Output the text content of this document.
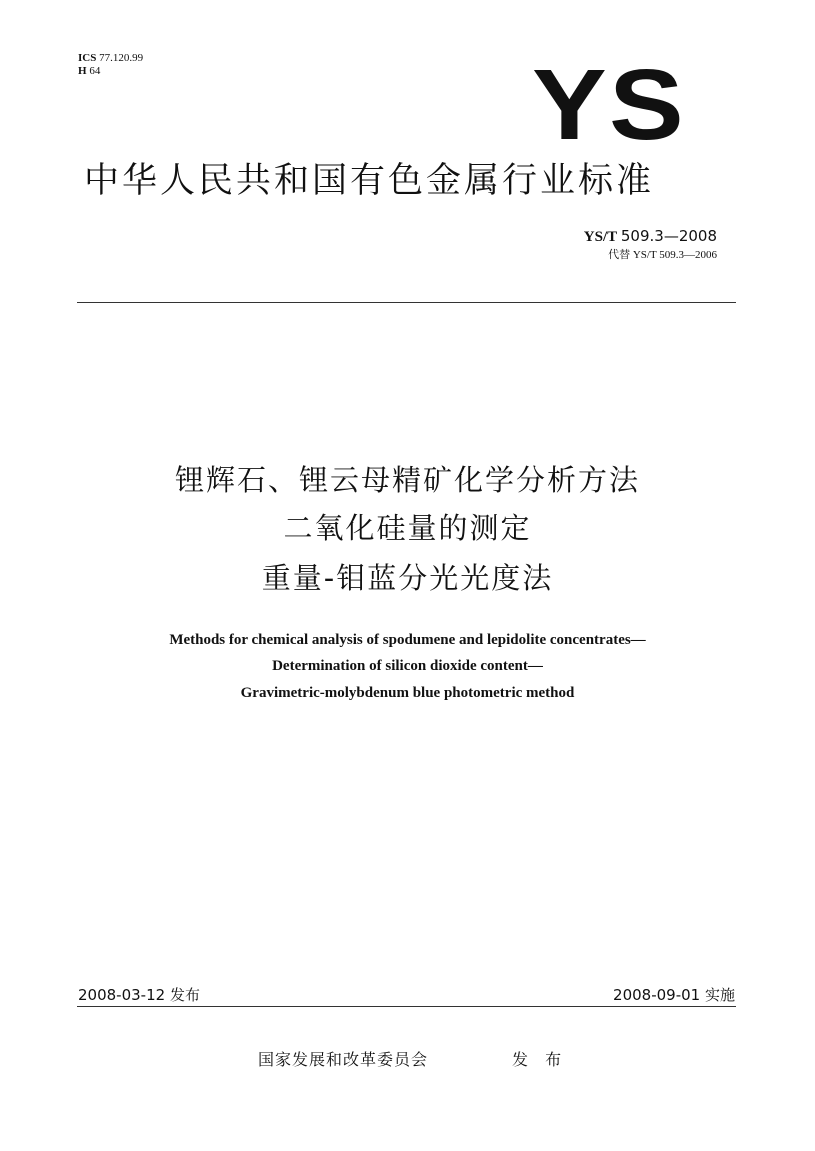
ICS 77.120.99
H 64	YS
中华人民共和国有色金属行业标准
YS/T 509.3—2008
代替 YS/T 509.3—2006
锂辉石、锂云母精矿化学分析方法
二氧化硅量的测定
重量-钼蓝分光光度法
Methods for chemical analysis of spodumene and lepidolite concentrates—
Determination of silicon dioxide content—
Gravimetric-molybdenum blue photometric method
2008-03-12 发布	2008-09-01 实施
国家发展和改革委员会	发 布
